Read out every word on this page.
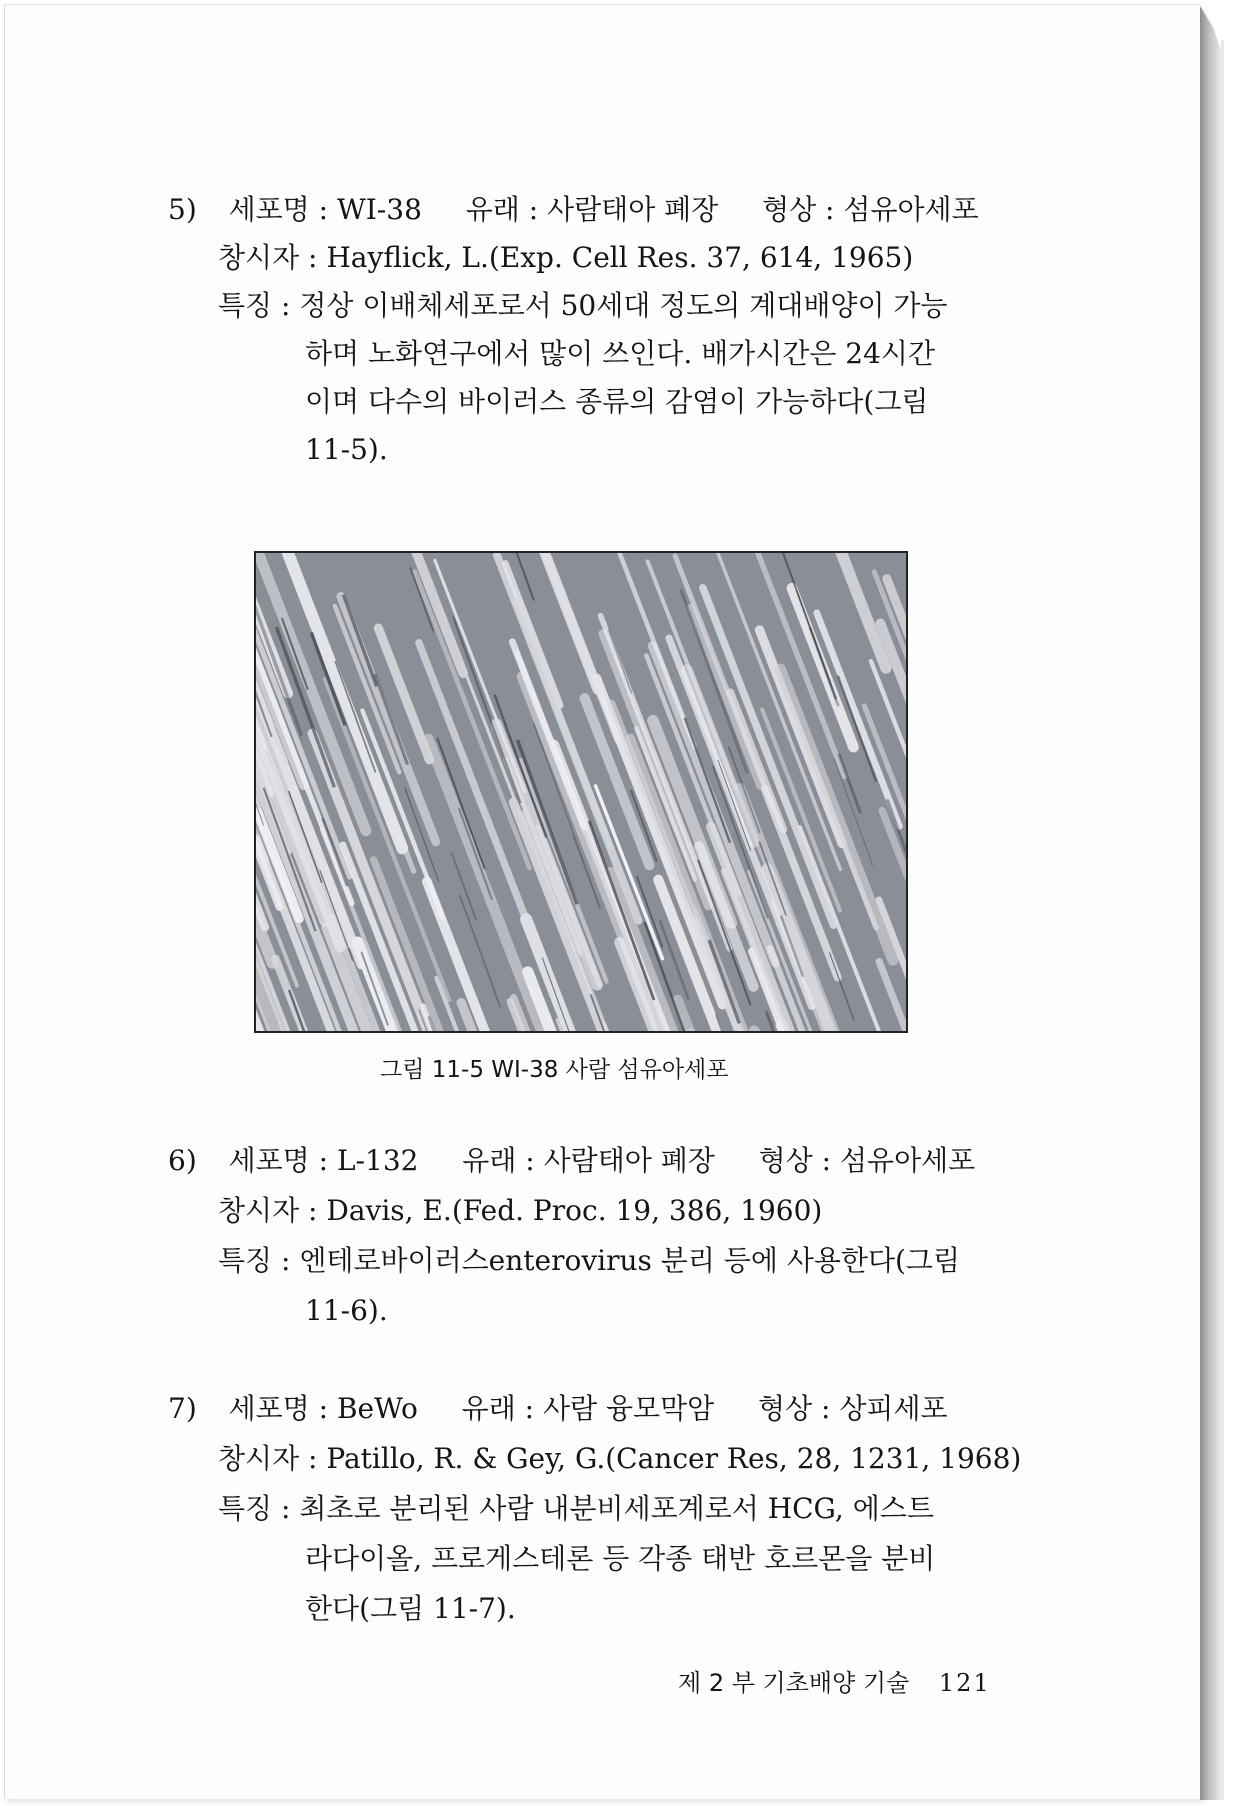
5) 세포명 : WI-38 유래 : 사람태아 폐장 형상 : 섬유아세포
창시자 : Hayflick, L.(Exp. Cell Res. 37, 614, 1965)
특징 : 정상 이배체세포로서 50세대 정도의 계대배양이 가능
하며 노화연구에서 많이 쓰인다. 배가시간은 24시간
이며 다수의 바이러스 종류의 감염이 가능하다(그림
11-5).
그림 11-5 WI-38 사람 섬유아세포
6) 세포명 : L-132 유래 : 사람태아 폐장 형상 : 섬유아세포
창시자 : Davis, E.(Fed. Proc. 19, 386, 1960)
특징 : 엔테로바이러스enterovirus 분리 등에 사용한다(그림
11-6).
7) 세포명 : BeWo 유래 : 사람 융모막암 형상 : 상피세포
창시자 : Patillo, R. & Gey, G.(Cancer Res, 28, 1231, 1968)
특징 : 최초로 분리된 사람 내분비세포계로서 HCG, 에스트
라다이올, 프로게스테론 등 각종 태반 호르몬을 분비
한다(그림 11-7).
제 2 부 기초배양 기술 121
